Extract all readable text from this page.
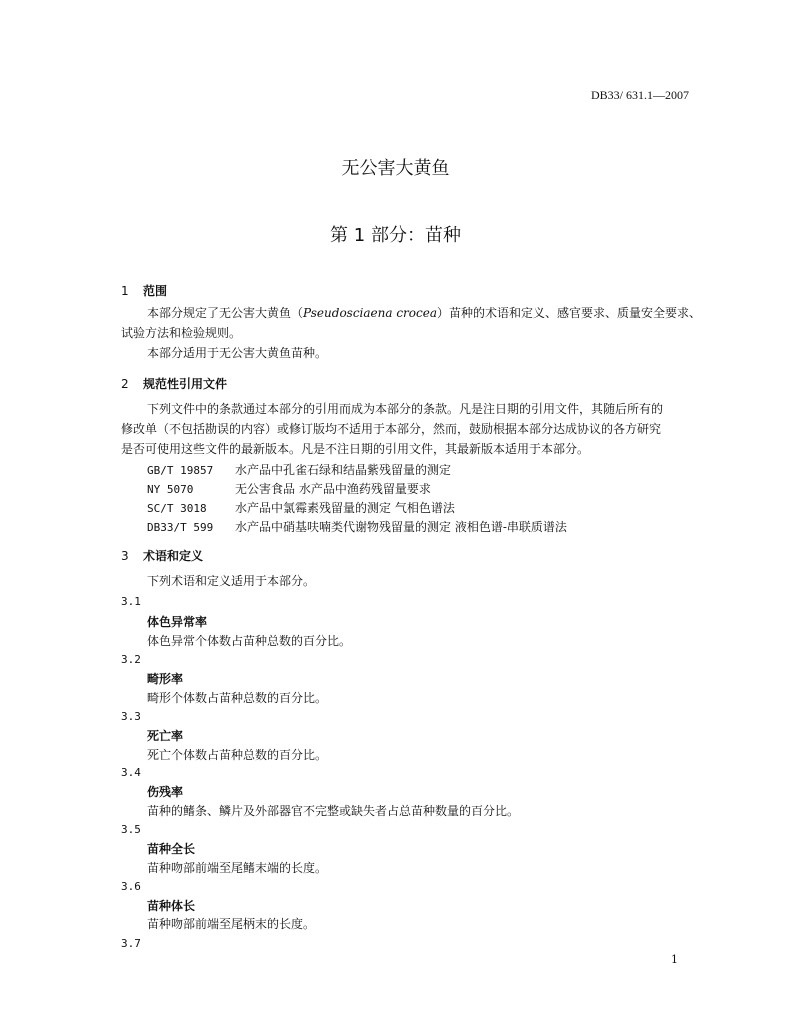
DB33/ 631.1—2007
无公害大黄鱼
第 1 部分：苗种
1 范围
本部分规定了无公害大黄鱼（Pseudosciaena crocea）苗种的术语和定义、感官要求、质量安全要求、
试验方法和检验规则。
本部分适用于无公害大黄鱼苗种。
2 规范性引用文件
下列文件中的条款通过本部分的引用而成为本部分的条款。凡是注日期的引用文件，其随后所有的
修改单（不包括勘误的内容）或修订版均不适用于本部分，然而，鼓励根据本部分达成协议的各方研究
是否可使用这些文件的最新版本。凡是不注日期的引用文件，其最新版本适用于本部分。
GB/T 19857 水产品中孔雀石绿和结晶紫残留量的测定
NY 5070	无公害食品 水产品中渔药残留量要求
SC/T 3018 水产品中氯霉素残留量的测定 气相色谱法
DB33/T 599 水产品中硝基呋喃类代谢物残留量的测定 液相色谱-串联质谱法
3 术语和定义
下列术语和定义适用于本部分。
3.1
体色异常率
体色异常个体数占苗种总数的百分比。
3.2
畸形率
畸形个体数占苗种总数的百分比。
3.3
死亡率
死亡个体数占苗种总数的百分比。
3.4
伤残率
苗种的鳍条、鳞片及外部器官不完整或缺失者占总苗种数量的百分比。
3.5
苗种全长
苗种吻部前端至尾鳍末端的长度。
3.6
苗种体长
苗种吻部前端至尾柄末的长度。
3.7
1
